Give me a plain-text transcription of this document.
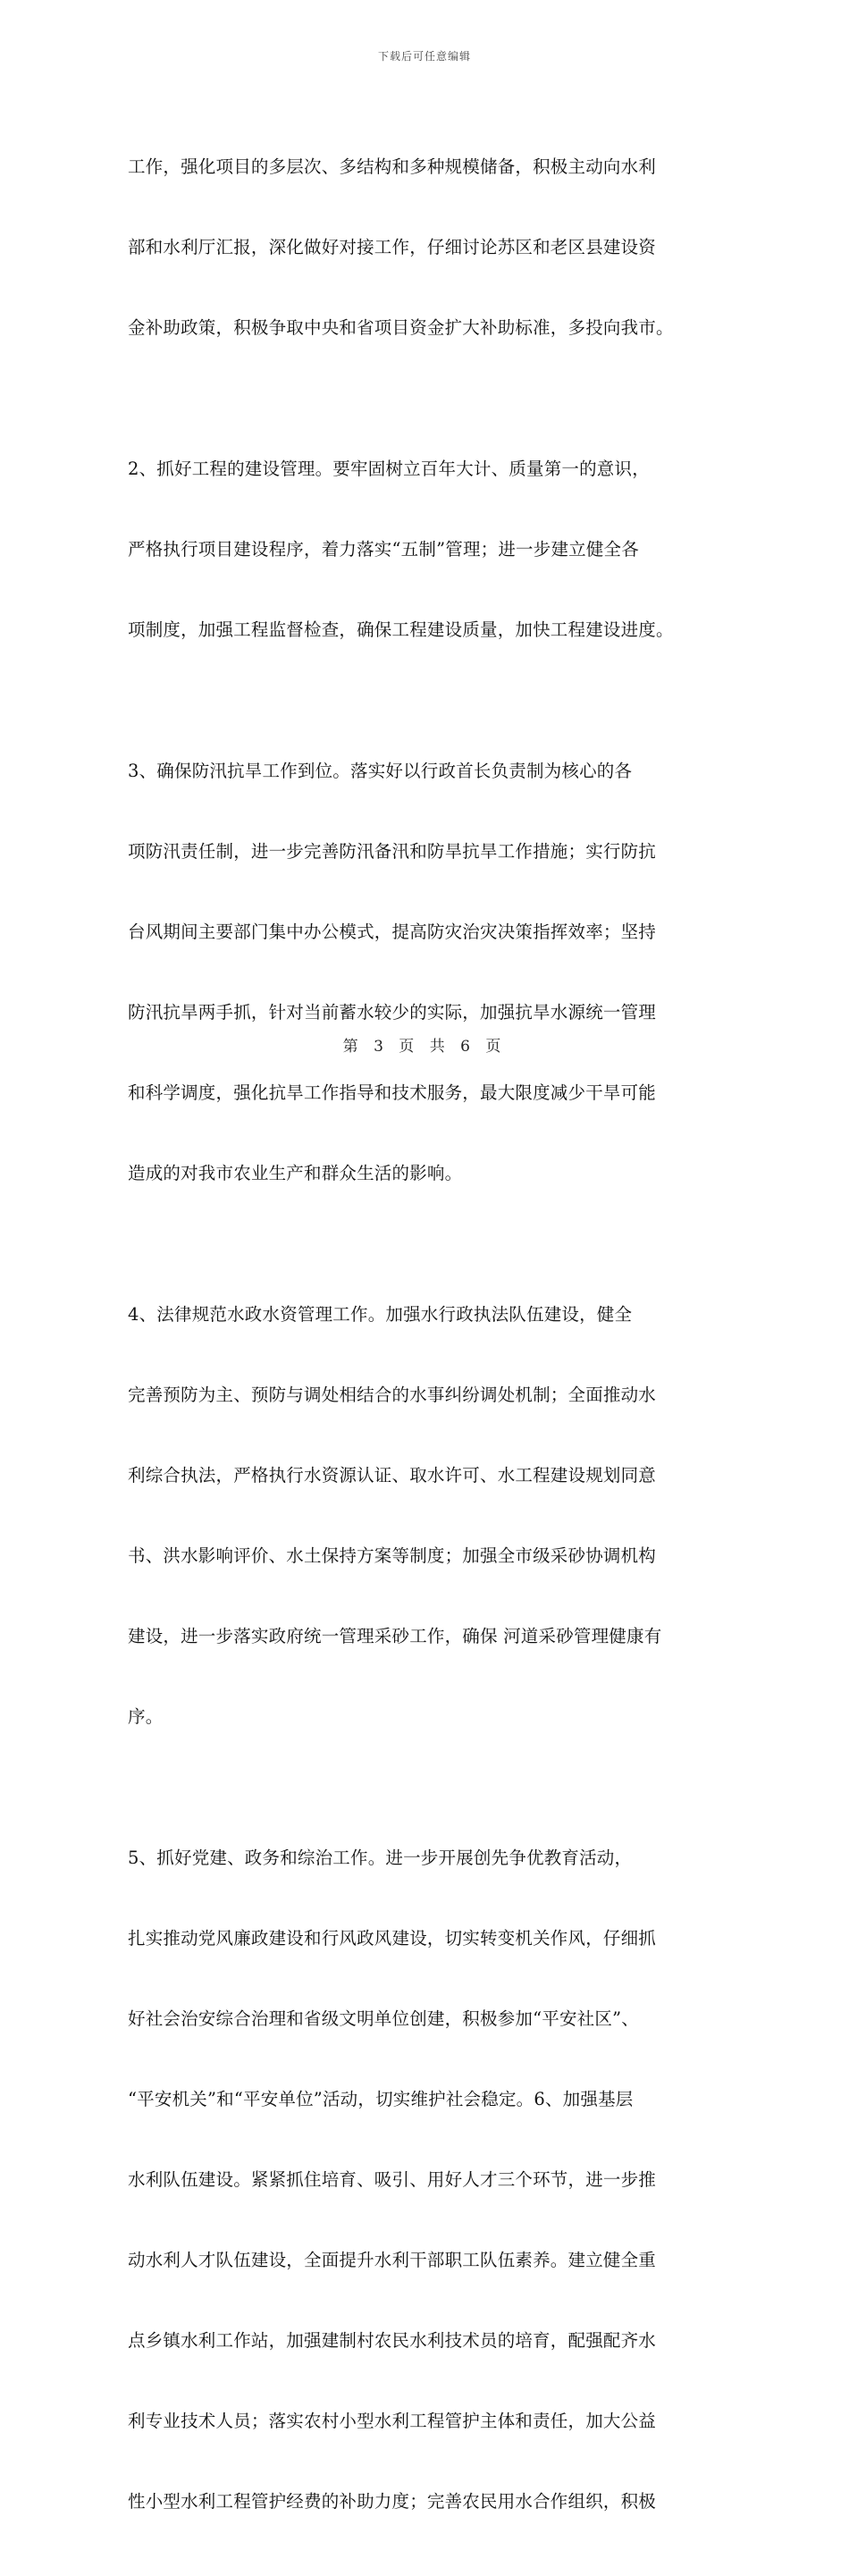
下载后可任意编辑

工作，强化项目的多层次、多结构和多种规模储备，积极主动向水利

部和水利厅汇报，深化做好对接工作，仔细讨论苏区和老区县建设资

金补助政策，积极争取中央和省项目资金扩大补助标准，多投向我市。

2、抓好工程的建设管理。要牢固树立百年大计、质量第一的意识，

严格执行项目建设程序，着力落实“五制”管理；进一步建立健全各

项制度，加强工程监督检查，确保工程建设质量，加快工程建设进度。

3、确保防汛抗旱工作到位。落实好以行政首长负责制为核心的各

项防汛责任制，进一步完善防汛备汛和防旱抗旱工作措施；实行防抗

台风期间主要部门集中办公模式，提高防灾治灾决策指挥效率；坚持

防汛抗旱两手抓，针对当前蓄水较少的实际，加强抗旱水源统一管理

和科学调度，强化抗旱工作指导和技术服务，最大限度减少干旱可能

造成的对我市农业生产和群众生活的影响。

4、法律规范水政水资管理工作。加强水行政执法队伍建设，健全

完善预防为主、预防与调处相结合的水事纠纷调处机制；全面推动水

利综合执法，严格执行水资源认证、取水许可、水工程建设规划同意

书、洪水影响评价、水土保持方案等制度；加强全市级采砂协调机构

建设，进一步落实政府统一管理采砂工作，确保 河道采砂管理健康有

序。

5、抓好党建、政务和综治工作。进一步开展创先争优教育活动，

扎实推动党风廉政建设和行风政风建设，切实转变机关作风，仔细抓

好社会治安综合治理和省级文明单位创建，积极参加“平安社区”、

“平安机关”和“平安单位”活动，切实维护社会稳定。6、加强基层

水利队伍建设。紧紧抓住培育、吸引、用好人才三个环节，进一步推

动水利人才队伍建设，全面提升水利干部职工队伍素养。建立健全重

点乡镇水利工作站，加强建制村农民水利技术员的培育，配强配齐水

利专业技术人员；落实农村小型水利工程管护主体和责任，加大公益

性小型水利工程管护经费的补助力度；完善农民用水合作组织，积极

第 3 页 共 6 页
